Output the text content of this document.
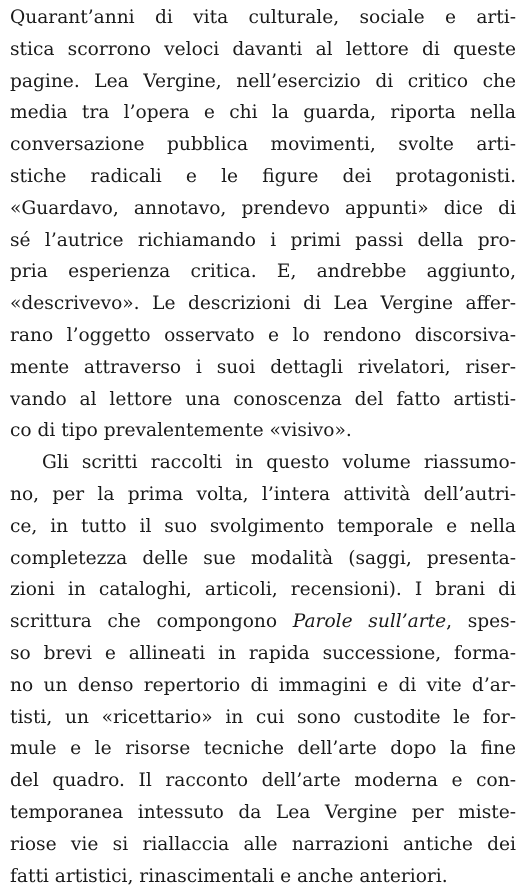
Quarant’anni di vita culturale, sociale e arti-
stica scorrono veloci davanti al lettore di queste
pagine. Lea Vergine, nell’esercizio di critico che
media tra l’opera e chi la guarda, riporta nella
conversazione pubblica movimenti, svolte arti-
stiche radicali e le figure dei protagonisti.
«Guardavo, annotavo, prendevo appunti» dice di
sé l’autrice richiamando i primi passi della pro-
pria esperienza critica. E, andrebbe aggiunto,
«descrivevo». Le descrizioni di Lea Vergine affer-
rano l’oggetto osservato e lo rendono discorsiva-
mente attraverso i suoi dettagli rivelatori, riser-
vando al lettore una conoscenza del fatto artisti-
co di tipo prevalentemente «visivo».
Gli scritti raccolti in questo volume riassumo-
no, per la prima volta, l’intera attività dell’autri-
ce, in tutto il suo svolgimento temporale e nella
completezza delle sue modalità (saggi, presenta-
zioni in cataloghi, articoli, recensioni). I brani di
scrittura che compongono Parole sull’arte, spes-
so brevi e allineati in rapida successione, forma-
no un denso repertorio di immagini e di vite d’ar-
tisti, un «ricettario» in cui sono custodite le for-
mule e le risorse tecniche dell’arte dopo la fine
del quadro. Il racconto dell’arte moderna e con-
temporanea intessuto da Lea Vergine per miste-
riose vie si riallaccia alle narrazioni antiche dei
fatti artistici, rinascimentali e anche anteriori.
